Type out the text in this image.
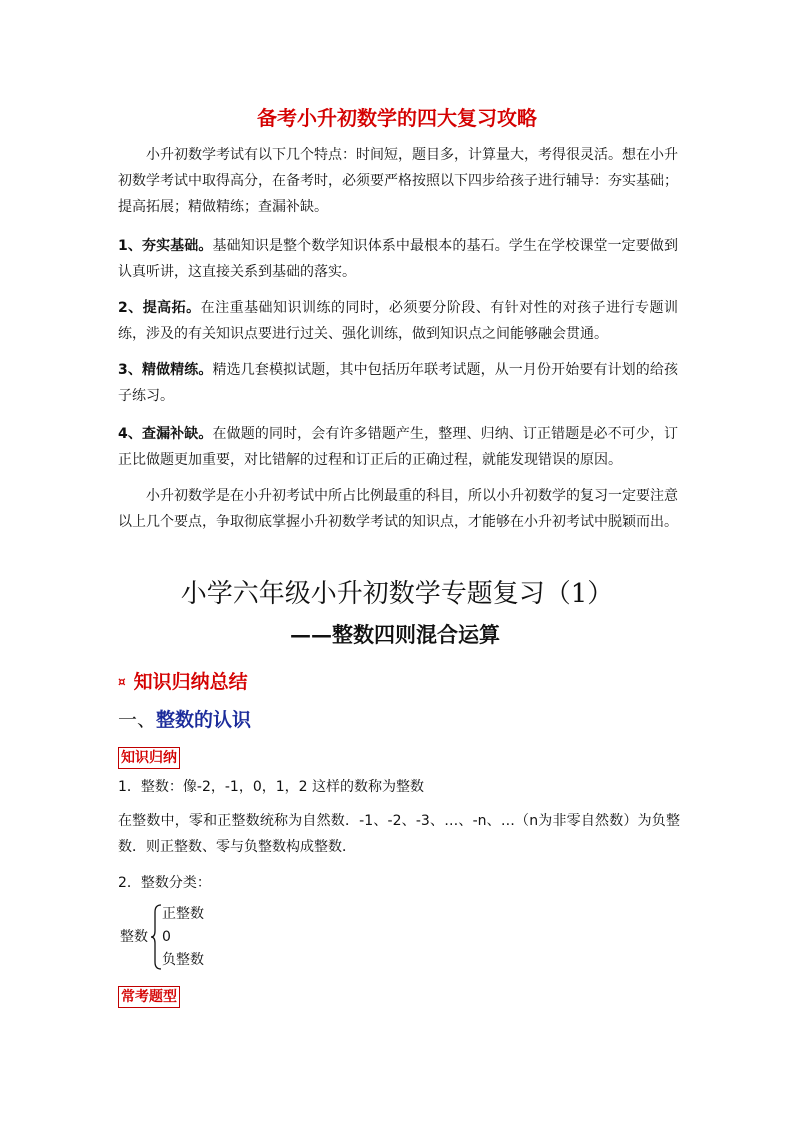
备考小升初数学的四大复习攻略
小升初数学考试有以下几个特点：时间短，题目多，计算量大，考得很灵活。想在小升初数学考试中取得高分，在备考时，必须要严格按照以下四步给孩子进行辅导：夯实基础；提高拓展；精做精练；查漏补缺。
1、夯实基础。基础知识是整个数学知识体系中最根本的基石。学生在学校课堂一定要做到认真听讲，这直接关系到基础的落实。
2、提高拓。在注重基础知识训练的同时，必须要分阶段、有针对性的对孩子进行专题训练，涉及的有关知识点要进行过关、强化训练，做到知识点之间能够融会贯通。
3、精做精练。精选几套模拟试题，其中包括历年联考试题，从一月份开始要有计划的给孩子练习。
4、查漏补缺。在做题的同时，会有许多错题产生，整理、归纳、订正错题是必不可少，订正比做题更加重要，对比错解的过程和订正后的正确过程，就能发现错误的原因。
小升初数学是在小升初考试中所占比例最重的科目，所以小升初数学的复习一定要注意以上几个要点，争取彻底掌握小升初数学考试的知识点，才能够在小升初考试中脱颖而出。
小学六年级小升初数学专题复习（1）
——整数四则混合运算
¤ 知识归纳总结
一、整数的认识
知识归纳
1．整数：像-2，-1，0，1，2 这样的数称为整数
在整数中，零和正整数统称为自然数．-1、-2、-3、…、-n、…（n为非零自然数）为负整数．则正整数、零与负整数构成整数．
2．整数分类：
整数
正整数
0
负整数
常考题型
